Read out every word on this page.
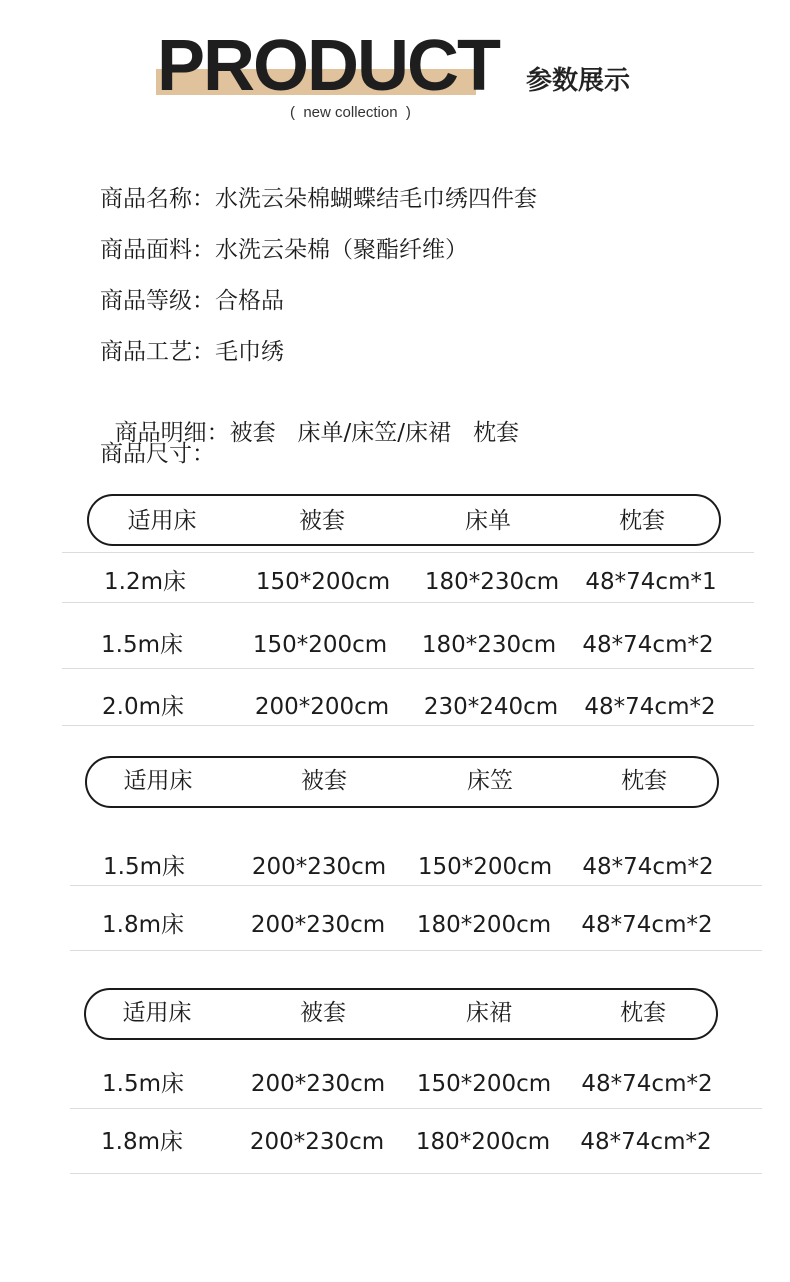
PRODUCT 参数展示
(  new collection  )
商品名称：水洗云朵棉蝴蝶结毛巾绣四件套
商品面料：水洗云朵棉（聚酯纤维）
商品等级：合格品
商品工艺：毛巾绣

商品明细：被套   床单/床笠/床裙   枕套

商品尺寸：
适用床	被套	床单	枕套
1.2m床	150*200cm 180*230cm 48*74cm*1
1.5m床	150*200cm 180*230cm 48*74cm*2
2.0m床	200*200cm 230*240cm 48*74cm*2
适用床	被套	床笠	枕套
1.5m床	200*230cm 150*200cm 48*74cm*2
1.8m床	200*230cm 180*200cm 48*74cm*2
适用床	被套	床裙	枕套
1.5m床	200*230cm 150*200cm 48*74cm*2
1.8m床	200*230cm 180*200cm 48*74cm*2
